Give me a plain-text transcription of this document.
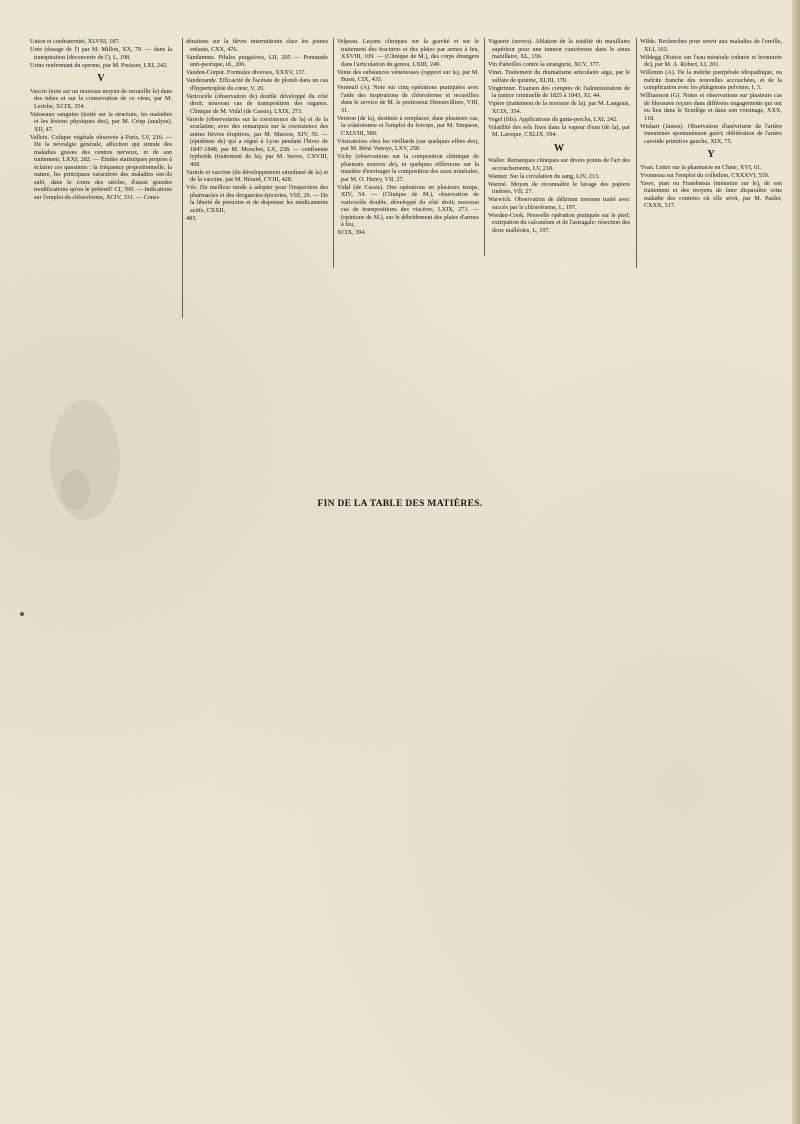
Union et confraternité, XLVIII, 187.

Urée (dosage de l') par M. Millon, XX, 79. — dans la transpiration (découverte de l'), L, 198.

Urine renfermant du sperme, par M. Preisser, LXI, 242.

V

Vaccin (note sur un nouveau moyen de recueillir le) dans des tubes et sur la conservation de ce virus, par M. Leriche, XCIX, 354.

Vaisseaux sanguins (traité sur la structure, les maladies et les lésions physiques des), par M. Crisp (analyse), XII, 47.

Valleix. Colique végétale observée à Paris, LV, 216. — De la névralgie générale, affection qui simule des maladies graves des centres nerveux, et de son traitement, LXXI, 282. — Études statistiques propres à éclairer ces questions : la fréquence proportionnelle, la nature, les principaux caractères des maladies ont-ils subi, dans le cours des siècles, d'aussi grandes modifications qu'on le prétend? CI, 399. — Indications sur l'emploi du chloroforme, XCIV, 331. — Consi-

dérations sur la fièvre intermittente chez les jeunes enfants, CXX, 476.

Vandamme. Pilules purgatives, LII, 205 — Pommade anti-psorique, id., 206.

Vanden-Corput. Formules diverses, XXXV, 137.

Vandezande. Efficacité de l'acétate de plomb dans un cas d'hypertrophie du cœur, V, 20.

Varicocèle (observation de) double développé du côté droit; nouveau cas de transposition des organes. Clinique de M. Vidal (de Cassis), LXIX, 273.

Variole (observations sur la coexistence de la) et de la scarlatine, avec des remarques sur la coexistence des autres fièvres éruptives, par M. Marson, XIV, 56. — (épidémie de) qui a régné à Lyon pendant l'hiver de 1847-1848, par M. Mouchet, LX, 238. — confluente typhoïde (traitement de la), par M. Serres, CXVIII, 468.

Variole et vaccine (du développement simultané de la) et de la vaccine, par M. Hérard, CVIII, 428.

Vée. Du meilleur mode à adopter pour l'inspection des pharmacies et des drogueries-épiceries, VIII, 29. — De la liberté de prescrire et de dispenser les médicaments actifs, CXXII,

483.

Velpeau. Leçons cliniques sur la gravité et sur le traitement des fractures et des plaies par armes à feu, XXVIII, 109. — (Clinique de M.), des corps étrangers dans l'articulation du genou, LXIII, 249.

Vente des substances vénéneuses (rapport sur la), par M. Bussi, CIX, 433.

Verneuil (A). Note sur cinq opérations pratiquées avec l'aide des inspirations de chloroforme et recueillies dans le service de M. le professeur Denonvilliers, VIII, 31.

Version (de la), destinée à remplacer, dans plusieurs cas, la crâniotomie et l'emploi du forceps, par M. Simpson, CXLVIII, 589.

Vésicatoires chez les vieillards (sur quelques effets des), par M. Réné Vanoye, LXV, 258.

Vichy (observations sur la composition chimique de plusieurs sources de), et quelques réflexions sur la manière d'envisager la composition des eaux minérales, par M. O. Henry, VII, 27.

Vidal (de Cassis). Des opérations en plusieurs temps, XIV, 54. — (Clinique de M.), observation de varicocèle double, développé du côté droit; nouveau cas de transpositions des viscères, LXIX, 273. — (opinions de M.), sur le débridement des plaies d'armes à feu,

XCIX, 394.

Viguerie (neveu). Ablation de la totalité du maxillaire supérieur pour une tumeur cancéreuse dans le sinus maxillaire, XL, 156.

Vin d'abeilles contre la strangurie, XCV, 377.

Vinet. Traitement du rhumatisme articulaire aigu, par le sulfate de quinine, XLIII, 170.

Vingtrinier. Examen des comptes de l'administration de la justice criminelle de 1825 à 1843, XI, 44.

Vipère (traitement de la morsure de la), par M. Langrais, XCIX, 354.

Vogel (fils). Applications du gutta-percha, LXI, 242.

Volatilité des sels fixes dans la vapeur d'eau (de la), par M. Laroque, CXLIX, 594.

W

Waller. Remarques cliniques sur divers points de l'art des accouchements, LV, 218.

Wanner. Sur la circulation du sang, LIV, 213.

Warmé. Moyen de reconnaître le lavage des papiers timbrés, VII, 27.

Warwick. Observation de délirium tremens traité avec succès par le chloroforme, L, 197.

Weeden-Cook. Nouvelle opération pratiquée sur le pied; extirpation du calcanéum et de l'astragale; résection des deux malléoles, L, 197.

Wilde. Recherches pour servir aux maladies de l'oreille, XLI, 163.

Wildegg (Notice sur l'eau minérale iodurée et bromurée de), par M. A. Robert, LI, 201.

Willemin (A). De la métrite puerpérale idiopathique, ou métrite franche des nouvelles accouchées, et de la complication avec les phlegmons pelviens, I, 3.

Williamson (G). Notes et observations sur plusieurs cas de blessures reçues dans différens engagements qui ont eu lieu dans le Scutlège et dans son voisinage, XXX, 118.

Wishart (James). Observation d'anévrisme de l'artère innominée spontanément guéri; oblitération de l'artère carotide primitive gauche, XIX, 75.

Y

Yvan. Lettre sur la pharmacie en Chine, XVI, 61.

Yvonneau sur l'emploi du collodion, CXXXVI, 539.

Yaws, pian ou Frambœsia (mémoire sur le), de son traitement et des moyens de faire disparaître cette maladie des contrées où elle sévit, par M. Paulet, CXXX, 517.

FIN DE LA TABLE DES MATIÈRES.
